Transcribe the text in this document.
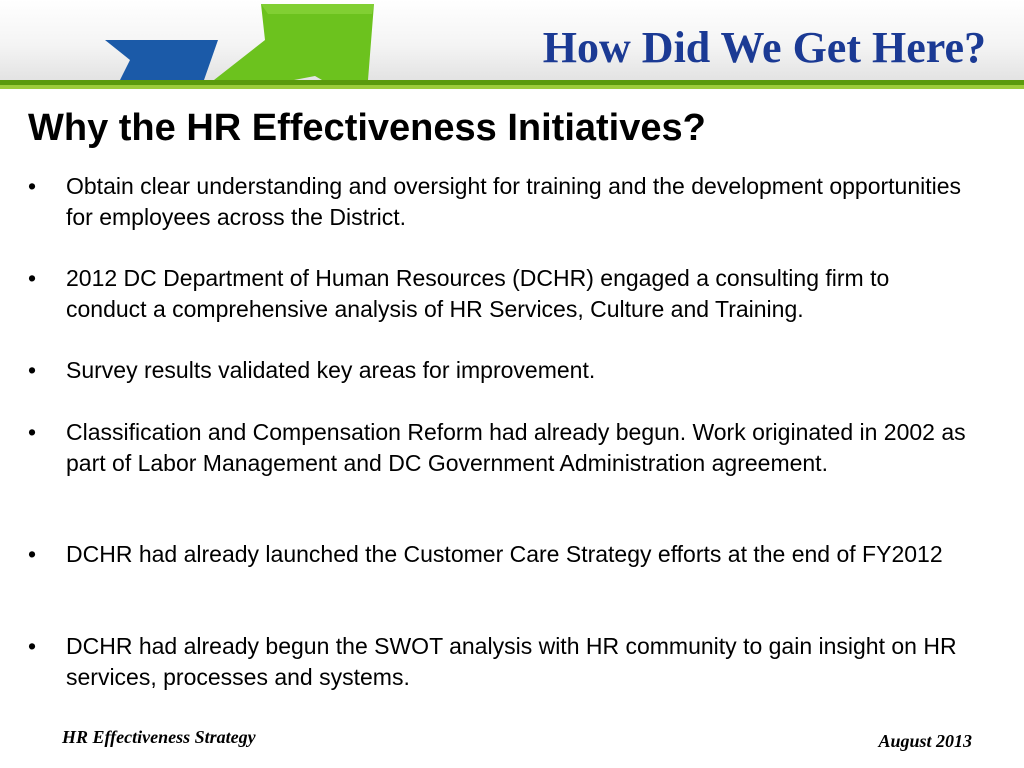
How Did We Get Here?
Why the HR Effectiveness Initiatives?
•	Obtain clear understanding and oversight for training and the development opportunities for employees across the District.
•	2012 DC Department of Human Resources (DCHR) engaged a consulting firm to conduct a comprehensive analysis of HR Services, Culture and Training.
•	Survey results validated key areas for improvement.
•	Classification and Compensation Reform had already begun. Work originated in 2002 as part of Labor Management and DC Government Administration agreement.
•	DCHR had already launched the Customer Care Strategy efforts at the end of FY2012
•	DCHR had already begun the SWOT analysis with HR community to gain insight on HR services, processes and systems.
HR Effectiveness Strategy	August 2013
